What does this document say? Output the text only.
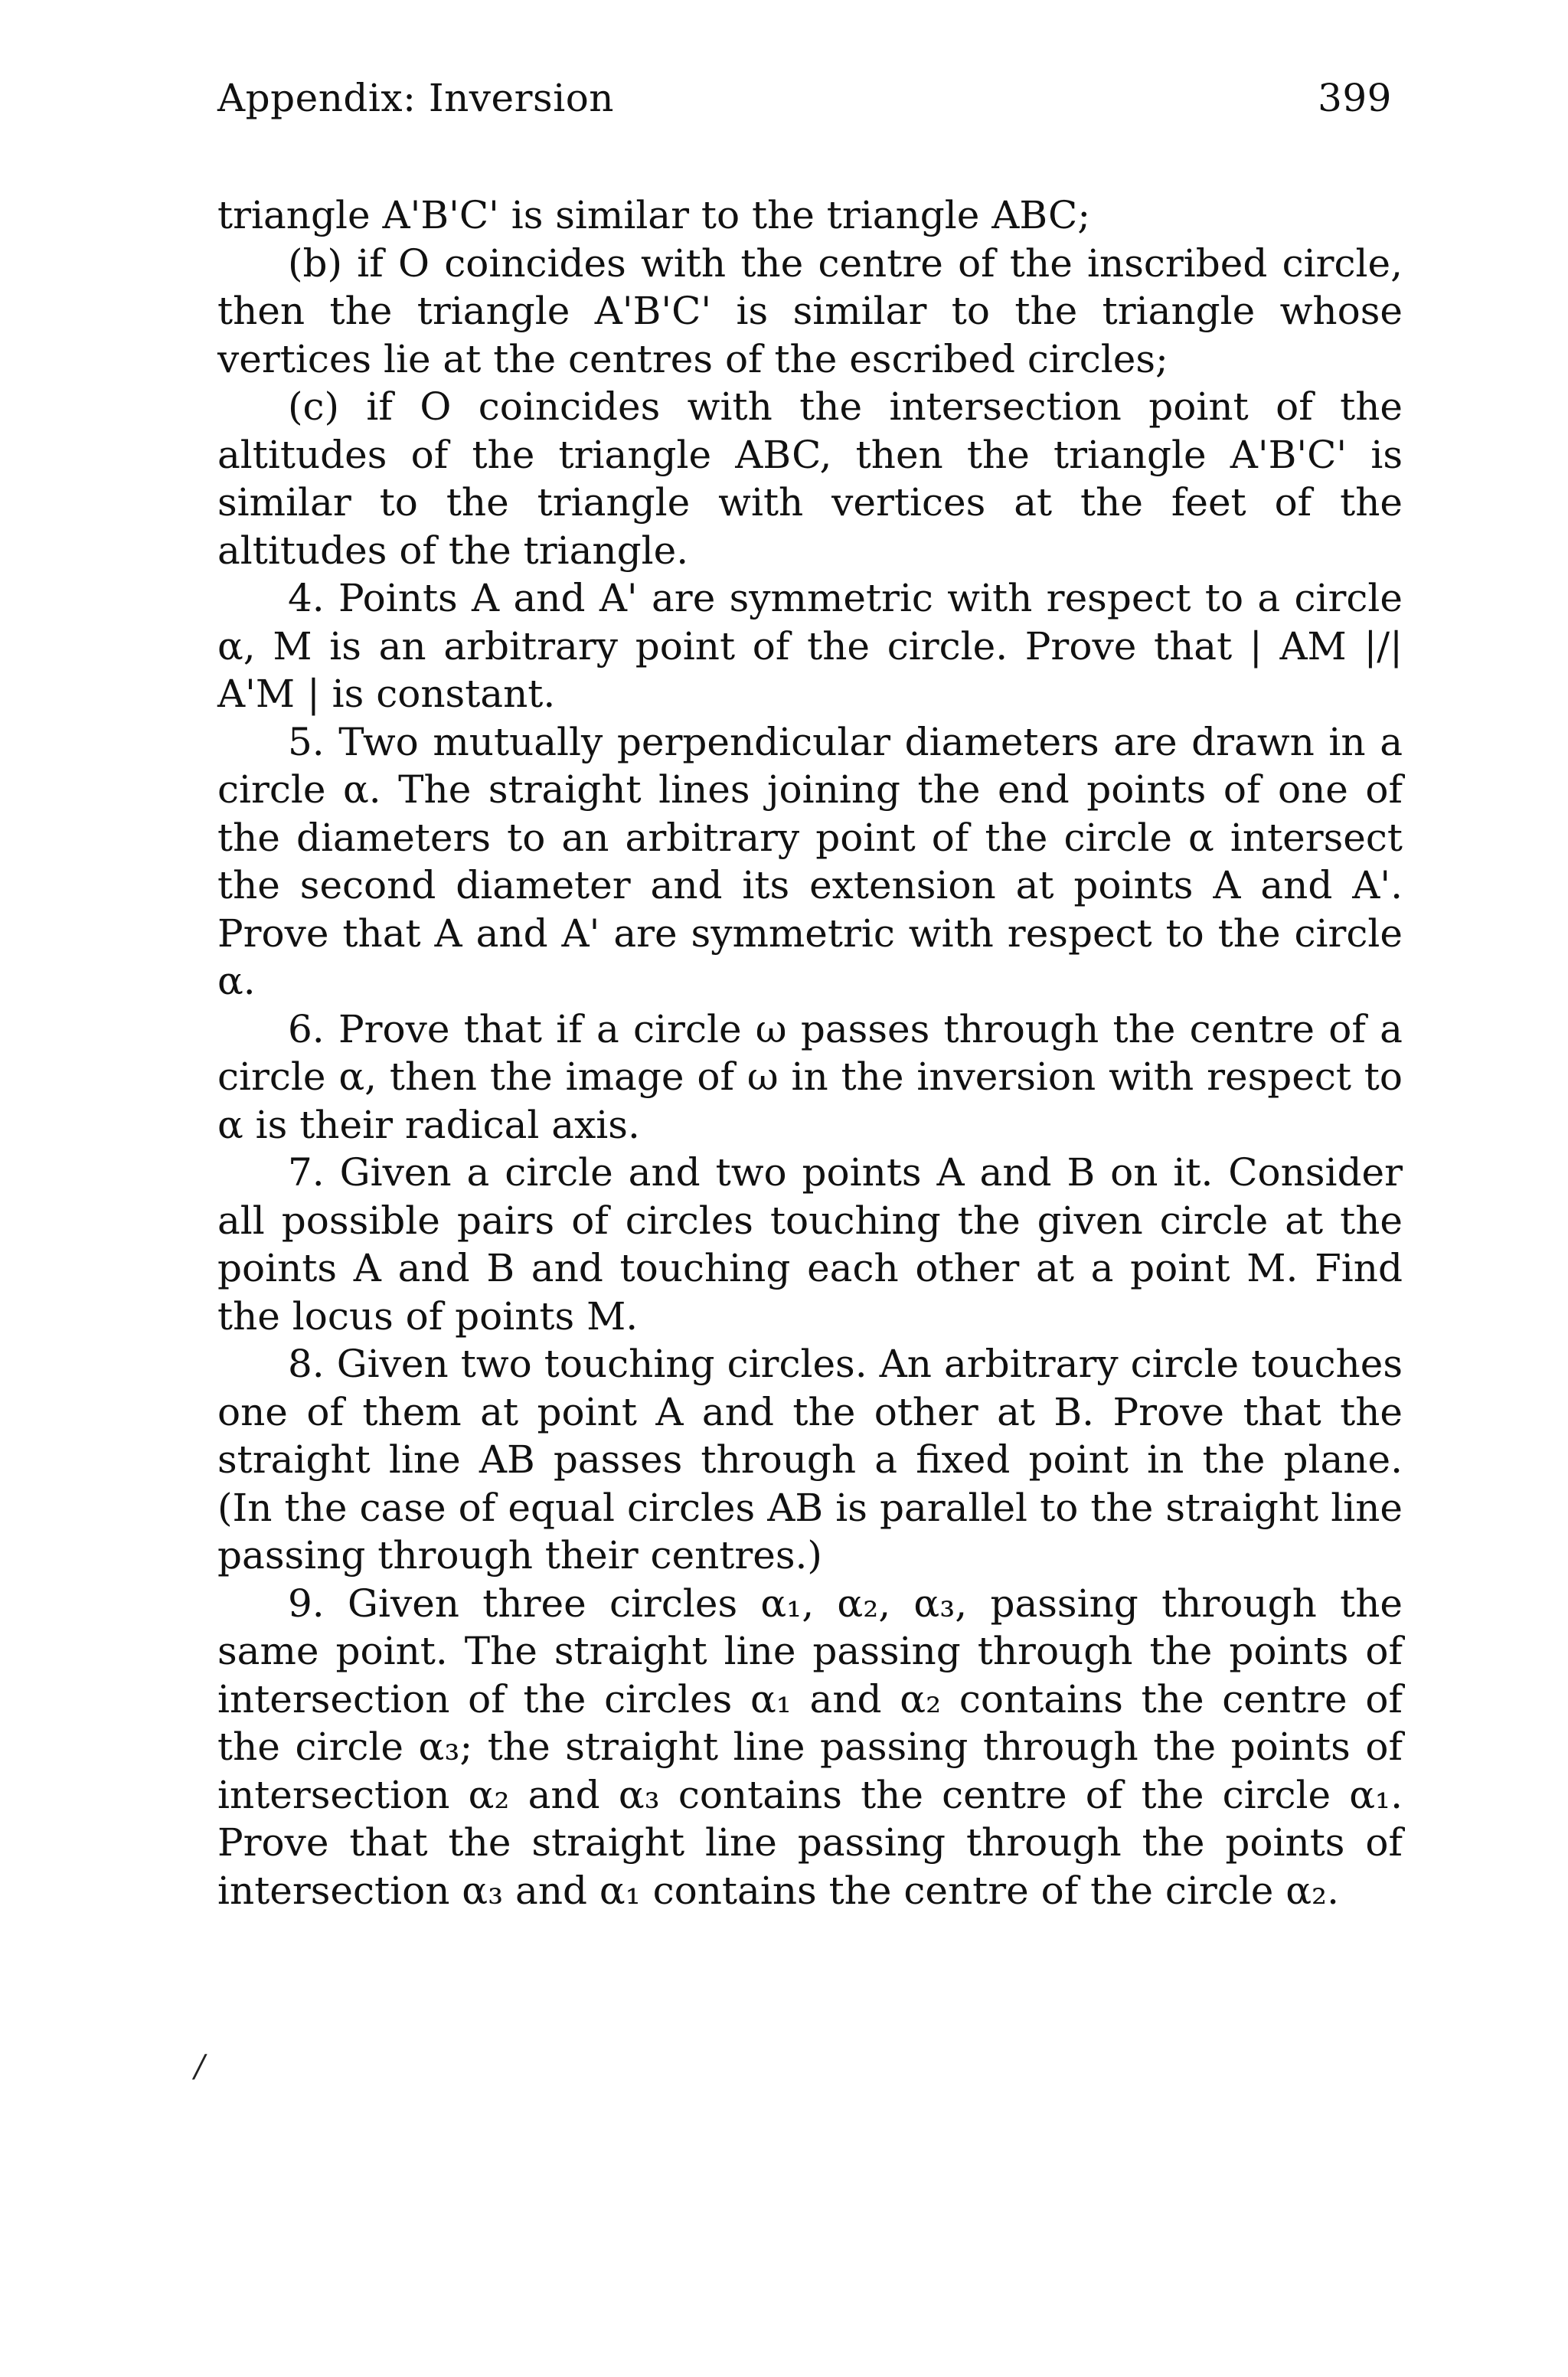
Appendix: Inversion	399

triangle A'B'C' is similar to the triangle ABC;

(b) if O coincides with the centre of the inscribed circle, then the triangle A'B'C' is similar to the triangle whose vertices lie at the centres of the escribed circles;

(c) if O coincides with the intersection point of the altitudes of the triangle ABC, then the triangle A'B'C' is similar to the triangle with vertices at the feet of the altitudes of the triangle.

4. Points A and A' are symmetric with respect to a circle α, M is an arbitrary point of the circle. Prove that | AM |/| A'M | is constant.

5. Two mutually perpendicular diameters are drawn in a circle α. The straight lines joining the end points of one of the diameters to an arbitrary point of the circle α intersect the second diameter and its extension at points A and A'. Prove that A and A' are symmetric with respect to the circle α.

6. Prove that if a circle ω passes through the centre of a circle α, then the image of ω in the inversion with respect to α is their radical axis.

7. Given a circle and two points A and B on it. Consider all possible pairs of circles touching the given circle at the points A and B and touching each other at a point M. Find the locus of points M.

8. Given two touching circles. An arbitrary circle touches one of them at point A and the other at B. Prove that the straight line AB passes through a fixed point in the plane. (In the case of equal circles AB is parallel to the straight line passing through their centres.)

9. Given three circles α₁, α₂, α₃, passing through the same point. The straight line passing through the points of intersection of the circles α₁ and α₂ contains the centre of the circle α₃; the straight line passing through the points of intersection α₂ and α₃ contains the centre of the circle α₁. Prove that the straight line passing through the points of intersection α₃ and α₁ contains the centre of the circle α₂.

/
